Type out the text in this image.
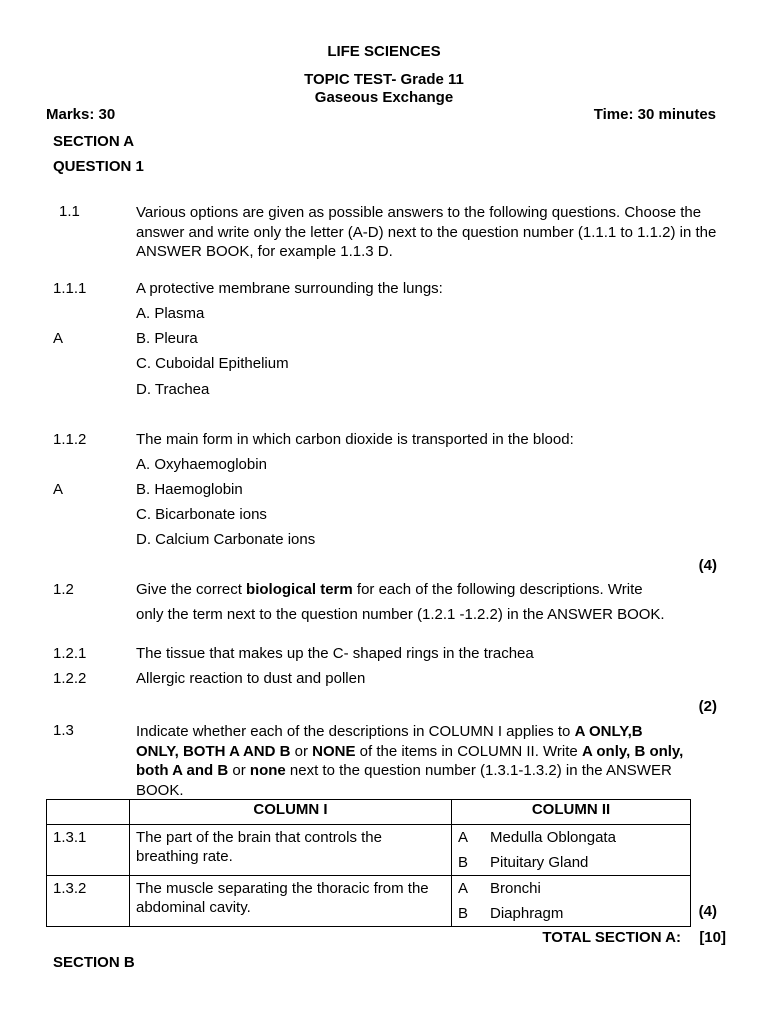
LIFE SCIENCES
TOPIC TEST- Grade 11
Gaseous Exchange
Marks: 30	Time: 30 minutes
SECTION A
QUESTION 1
1.1	Various options are given as possible answers to the following questions. Choose the answer and write only the letter (A-D) next to the question number (1.1.1 to 1.1.2) in the ANSWER BOOK, for example 1.1.3 D.
1.1.1	A protective membrane surrounding the lungs:
A. Plasma
A	B. Pleura
C. Cuboidal Epithelium
D. Trachea
1.1.2	The main form in which carbon dioxide is transported in the blood:
A. Oxyhaemoglobin
A	B. Haemoglobin
C. Bicarbonate ions
D. Calcium Carbonate ions
(4)
1.2	Give the correct biological term for each of the following descriptions. Write
only the term next to the question number (1.2.1 -1.2.2) in the ANSWER BOOK.
1.2.1	The tissue that makes up the C- shaped rings in the trachea
1.2.2	Allergic reaction to dust and pollen
(2)
1.3	Indicate whether each of the descriptions in COLUMN I applies to A ONLY,B ONLY, BOTH A AND B or NONE of the items in COLUMN II. Write A only, B only, both A and B or none next to the question number (1.3.1-1.3.2) in the ANSWER BOOK.
	COLUMN I	COLUMN II

1.3.1	The part of the brain that controls the breathing rate.	A Medulla Oblongata
B Pituitary Gland

1.3.2	The muscle separating the thoracic from the abdominal cavity.	A Bronchi
B Diaphragm	(4)
TOTAL SECTION A: [10]
SECTION B
